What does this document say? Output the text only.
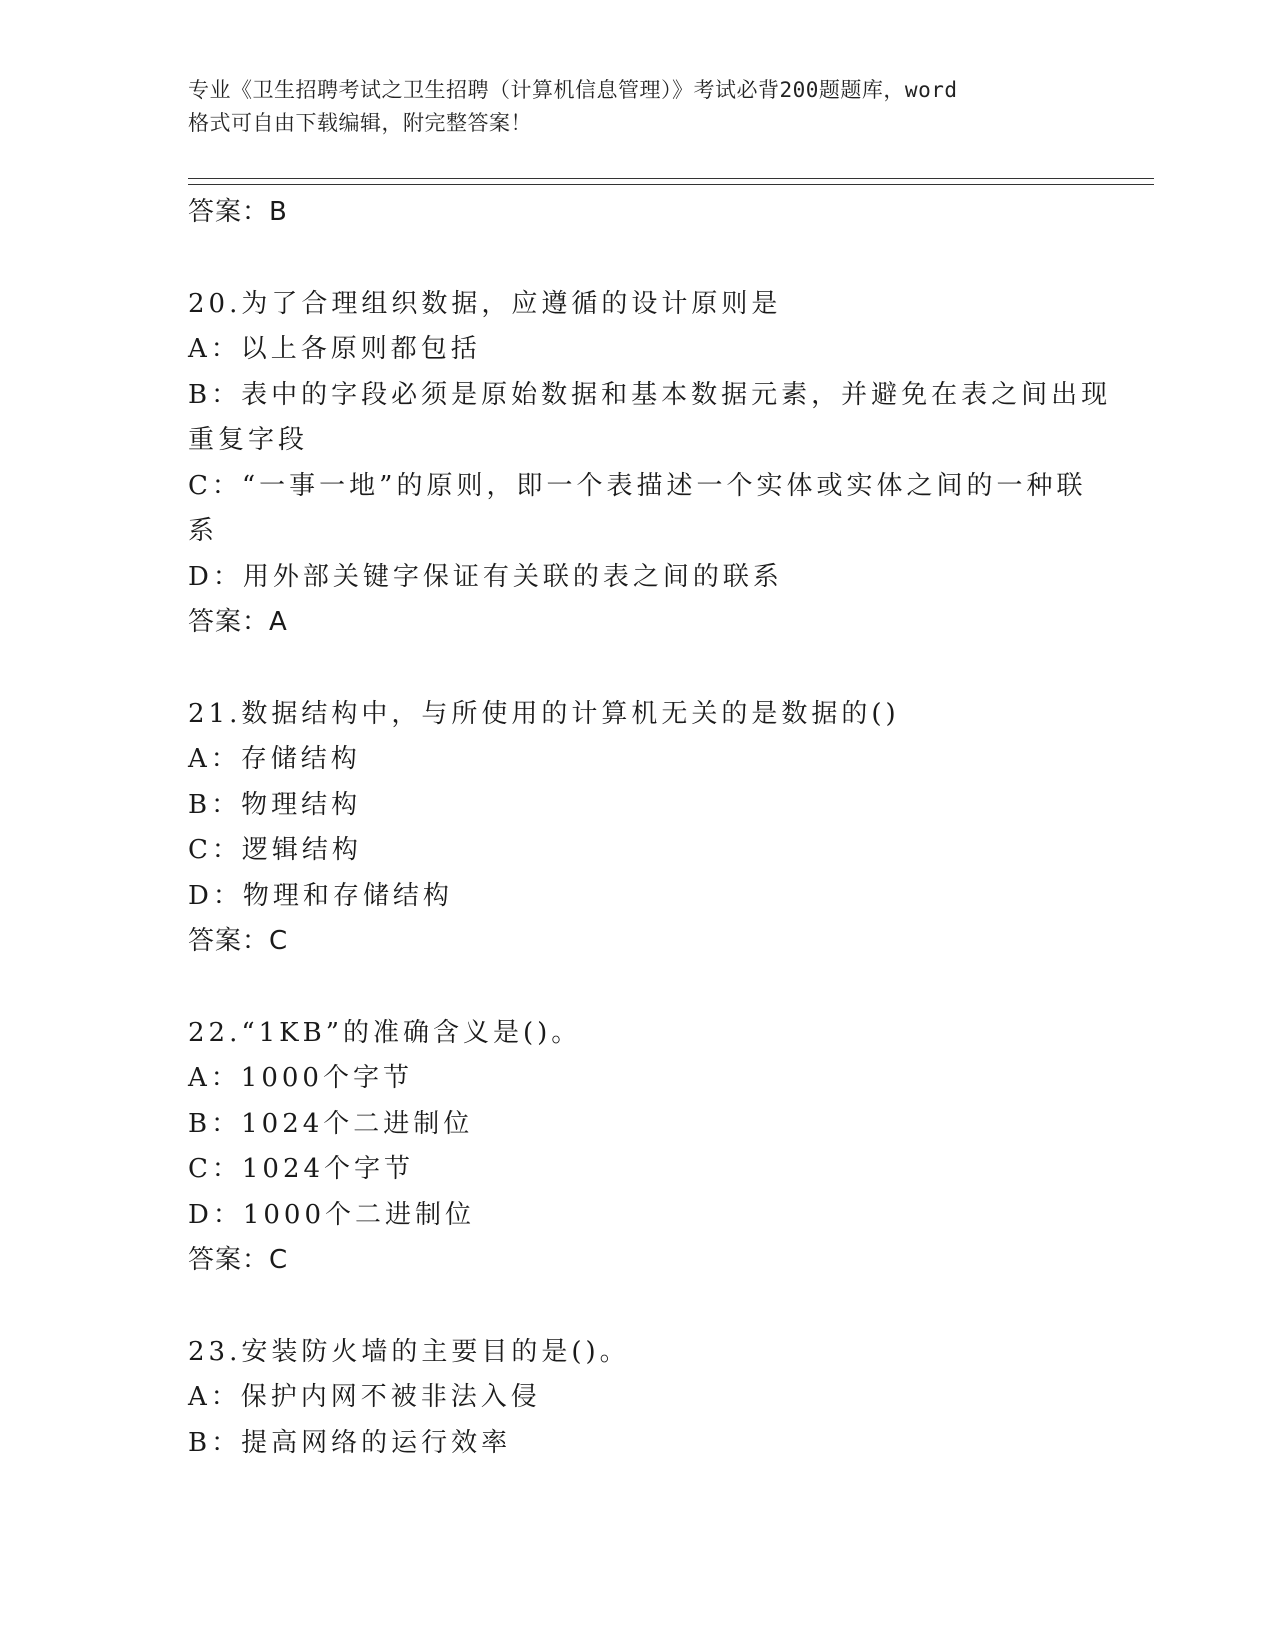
专业《卫生招聘考试之卫生招聘（计算机信息管理）》考试必背200题题库，word
格式可自由下载编辑，附完整答案！
答案：B
20.为了合理组织数据，应遵循的设计原则是
A：以上各原则都包括
B：表中的字段必须是原始数据和基本数据元素，并避免在表之间出现
重复字段
C：“一事一地”的原则，即一个表描述一个实体或实体之间的一种联
系
D：用外部关键字保证有关联的表之间的联系
答案：A
21.数据结构中，与所使用的计算机无关的是数据的()
A：存储结构
B：物理结构
C：逻辑结构
D：物理和存储结构
答案：C
22.“1KB”的准确含义是()。
A：1000个字节
B：1024个二进制位
C：1024个字节
D：1000个二进制位
答案：C
23.安装防火墙的主要目的是()。
A：保护内网不被非法入侵
B：提高网络的运行效率
